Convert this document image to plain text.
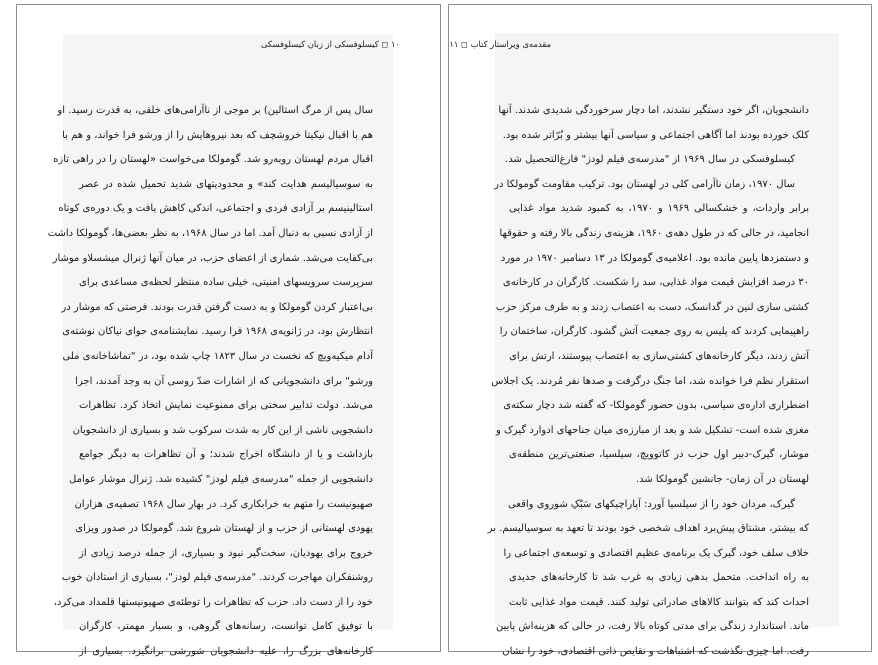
۱۰ ◻ کیسلوفسکی از زبان کیسلوفسکی
سال پس از مرگ استالین) بر موجی از ناآرامی‌های خلقی، به قدرت رسید. او
هم با اقبال نیکیتا خروشچف که بعد نیروهایش را از ورشو فرا خواند، و هم با
اقبال مردم لهستان روبه‌رو شد. گومولکا می‌خواست «لهستان را در راهی تازه
به سوسیالیسم هدایت کند» و محدودیتهای شدید تحمیل شده در عصر
استالینیسم بر آزادی فردی و اجتماعی، اندکی کاهش یافت و یک دوره‌ی کوتاه
از آزادی نسبی به دنبال آمد. اما در سال ۱۹۶۸، به نظر بعضی‌ها، گومولکا داشت
بی‌کفایت می‌شد. شماری از اعضای حزب، در میان آنها ژنرال میشسلاو موشار
سرپرست سرویسهای امنیتی، خیلی ساده منتظر لحظه‌ی مساعدی برای
بی‌اعتبار کردن گومولکا و به دست گرفتن قدرت بودند. فرصتی که موشار در
انتظارش بود، در ژانویه‌ی ۱۹۶۸ فرا رسید. نمایشنامه‌ی حوای نیاکان نوشته‌ی
آدام میکیه‌ویچ که نخست در سال ۱۸۲۳ چاپ شده بود، در "تماشاخانه‌ی ملی
ورشو" برای دانشجویانی که از اشارات ضدّ روسی آن به وجد آمدند، اجرا
می‌شد. دولت تدابیر سختی برای ممنوعیت نمایش اتخاذ کرد. تظاهرات
دانشجویی ناشی از این کار به شدت سرکوب شد و بسیاری از دانشجویان
بازداشت و یا از دانشگاه اخراج شدند؛ و آن تظاهرات به دیگر جوامع
دانشجویی از جمله "مدرسه‌ی فیلم لودز" کشیده شد. ژنرال موشار عوامل
صهیونیست را متهم به خرابکاری کرد. در بهار سال ۱۹۶۸ تصفیه‌ی هزاران
یهودی لهستانی از حزب و از لهستان شروع شد. گومولکا در صدور ویزای
خروج برای یهودیان، سخت‌گیر نبود و بسیاری، از جمله درصد زیادی از
روشنفکران مهاجرت کردند. "مدرسه‌ی فیلم لودز"، بسیاری از استادان خوب
خود را از دست داد. حزب که تظاهرات را توطئه‌ی صهیونیستها قلمداد می‌کرد،
با توفیق کامل توانست، رسانه‌های گروهی، و بسیار مهمتر، کارگران
کارخانه‌های بزرگ را، علیه دانشجویان شورشی برانگیزد. بسیاری از
مقدمه‌ی ویراستار کتاب ◻ ۱۱
دانشجویان، اگر خود دستگیر نشدند، اما دچار سرخوردگی شدیدی شدند. آنها
کلک خورده بودند اما آگاهی اجتماعی و سیاسی آنها بیشتر و بُرّاتر شده بود.
کیسلوفسکی در سال ۱۹۶۹ از "مدرسه‌ی فیلم لودز" فارغ‌التحصیل شد.
سال ۱۹۷۰، زمان ناآرامی کلی در لهستان بود. ترکیب مقاومت گومولکا در
برابر واردات، و خشکسالی ۱۹۶۹ و ۱۹۷۰، به کمبود شدید مواد غذایی
انجامید، در حالی که در طول دهه‌ی ۱۹۶۰، هزینه‌ی زندگی بالا رفته و حقوقها
و دستمزدها پایین مانده بود. اعلامیه‌ی گومولکا در ۱۳ دسامبر ۱۹۷۰ در مورد
۳۰ درصد افزایش قیمت مواد غذایی، سد را شکست. کارگران در کارخانه‌ی
کشتی سازی لنین در گدانسک، دست به اعتصاب زدند و به طرف مرکز حزب
راهپیمایی کردند که پلیس به روی جمعیت آتش گشود. کارگران، ساختمان را
آتش زدند، دیگر کارخانه‌های کشتی‌سازی به اعتصاب پیوستند، ارتش برای
استقرار نظم فرا خوانده شد، اما جنگ درگرفت و صدها نفر مُردند. یک اجلاس
اضطراری اداره‌ی سیاسی، بدون حضور گومولکا- که گفته شد دچار سکته‌ی
مغزی شده است- تشکیل شد و بعد از مبارزه‌ی میان جناحهای ادوارد گیرک و
موشار، گیرک-دبیر اول حزب در کاتوویچ، سیلسیا، صنعتی‌ترین منطقه‌ی
لهستان در آن زمان- جانشین گومولکا شد.
گیرک، مردان خود را از سیلسیا آورد: آپاراچیکهای سَبْکِ شوروی واقعی
که بیشتر، مشتاق پیش‌برد اهداف شخصی خود بودند تا تعهد به سوسیالیسم. بر
خلاف سلف خود، گیرک یک برنامه‌ی عظیم اقتصادی و توسعه‌ی اجتماعی را
به راه انداخت. متحمل بدهی زیادی به غرب شد تا کارخانه‌های جدیدی
احداث کند که بتوانند کالاهای صادراتی تولید کنند. قیمت مواد غذایی ثابت
ماند. استاندارد زندگی برای مدتی کوتاه بالا رفت، در حالی که هزینه‌اش پایین
رفت. اما چیزی نگذشت که اشتباهات و نقایص ذاتی اقتصادی، خود را نشان
